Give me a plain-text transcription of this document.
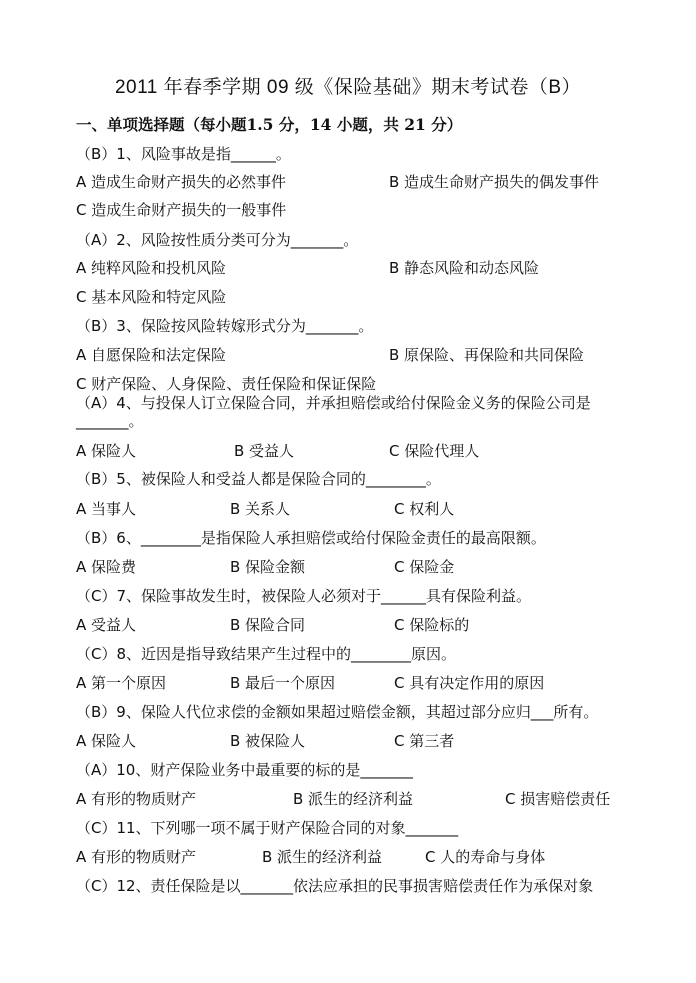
2011 年春季学期 09 级《保险基础》期末考试卷（B）
一、单项选择题（每小题1.5 分，14 小题，共 21 分）
（B）1、风险事故是指______。
A 造成生命财产损失的必然事件	B 造成生命财产损失的偶发事件
C 造成生命财产损失的一般事件
（A）2、风险按性质分类可分为_______。
A 纯粹风险和投机风险	B 静态风险和动态风险
C 基本风险和特定风险
（B）3、保险按风险转嫁形式分为_______。
A 自愿保险和法定保险	B 原保险、再保险和共同保险
C 财产保险、人身保险、责任保险和保证保险
（A）4、与投保人订立保险合同，并承担赔偿或给付保险金义务的保险公司是_______。
A 保险人	B 受益人	C 保险代理人
（B）5、被保险人和受益人都是保险合同的________。
A 当事人	B 关系人	C 权利人
（B）6、________是指保险人承担赔偿或给付保险金责任的最高限额。
A 保险费	B 保险金额	C 保险金
（C）7、保险事故发生时，被保险人必须对于______具有保险利益。
A 受益人	B 保险合同	C 保险标的
（C）8、近因是指导致结果产生过程中的________原因。
A 第一个原因	B 最后一个原因	C 具有决定作用的原因
（B）9、保险人代位求偿的金额如果超过赔偿金额，其超过部分应归___所有。
A 保险人	B 被保险人	C 第三者
（A）10、财产保险业务中最重要的标的是_______
A 有形的物质财产	B 派生的经济利益	C 损害赔偿责任
（C）11、下列哪一项不属于财产保险合同的对象_______
A 有形的物质财产	B 派生的经济利益	C 人的寿命与身体
（C）12、责任保险是以_______依法应承担的民事损害赔偿责任作为承保对象
